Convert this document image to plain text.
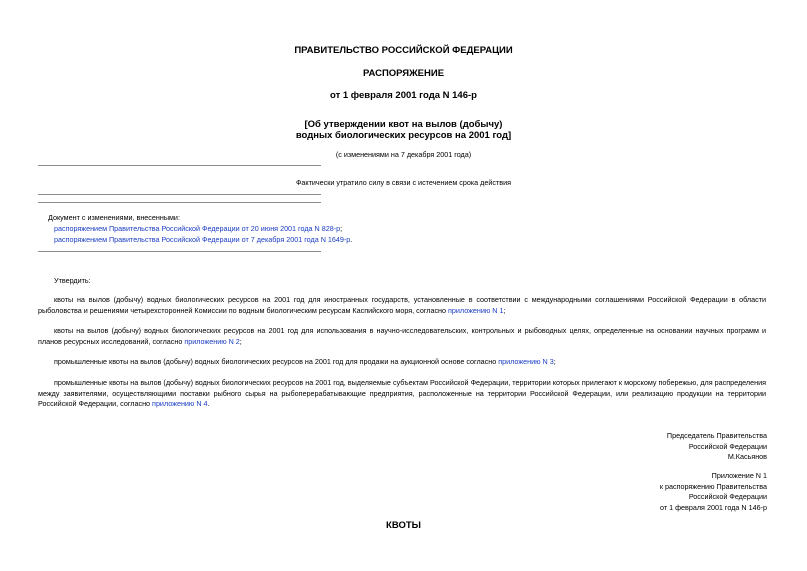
ПРАВИТЕЛЬСТВО РОССИЙСКОЙ ФЕДЕРАЦИИ
РАСПОРЯЖЕНИЕ
от 1 февраля 2001 года N 146-р
[Об утверждении квот на вылов (добычу)
водных биологических ресурсов на 2001 год]
(с изменениями на 7 декабря 2001 года)
Фактически утратило силу в связи с истечением срока действия
Документ с изменениями, внесенными:
распоряжением Правительства Российской Федерации от 20 июня 2001 года N 828-р;
распоряжением Правительства Российской Федерации от 7 декабря 2001 года N 1649-р.
Утвердить:
квоты на вылов (добычу) водных биологических ресурсов на 2001 год для иностранных государств, установленные в соответствии с международными соглашениями Российской Федерации в области рыболовства и решениями четырехсторонней Комиссии по водным биологическим ресурсам Каспийского моря, согласно приложению N 1;
квоты на вылов (добычу) водных биологических ресурсов на 2001 год для использования в научно-исследовательских, контрольных и рыбоводных целях, определенные на основании научных программ и планов ресурсных исследований, согласно приложению N 2;
промышленные квоты на вылов (добычу) водных биологических ресурсов на 2001 год для продажи на аукционной основе согласно приложению N 3;
промышленные квоты на вылов (добычу) водных биологических ресурсов на 2001 год, выделяемые субъектам Российской Федерации, территории которых прилегают к морскому побережью, для распределения между заявителями, осуществляющими поставки рыбного сырья на рыбоперерабатывающие предприятия, расположенные на территории Российской Федерации, или реализацию продукции на территории Российской Федерации, согласно приложению N 4.
Председатель Правительства
Российской Федерации
М.Касьянов
Приложение N 1
к распоряжению Правительства
Российской Федерации
от 1 февраля 2001 года N 146-р
КВОТЫ
